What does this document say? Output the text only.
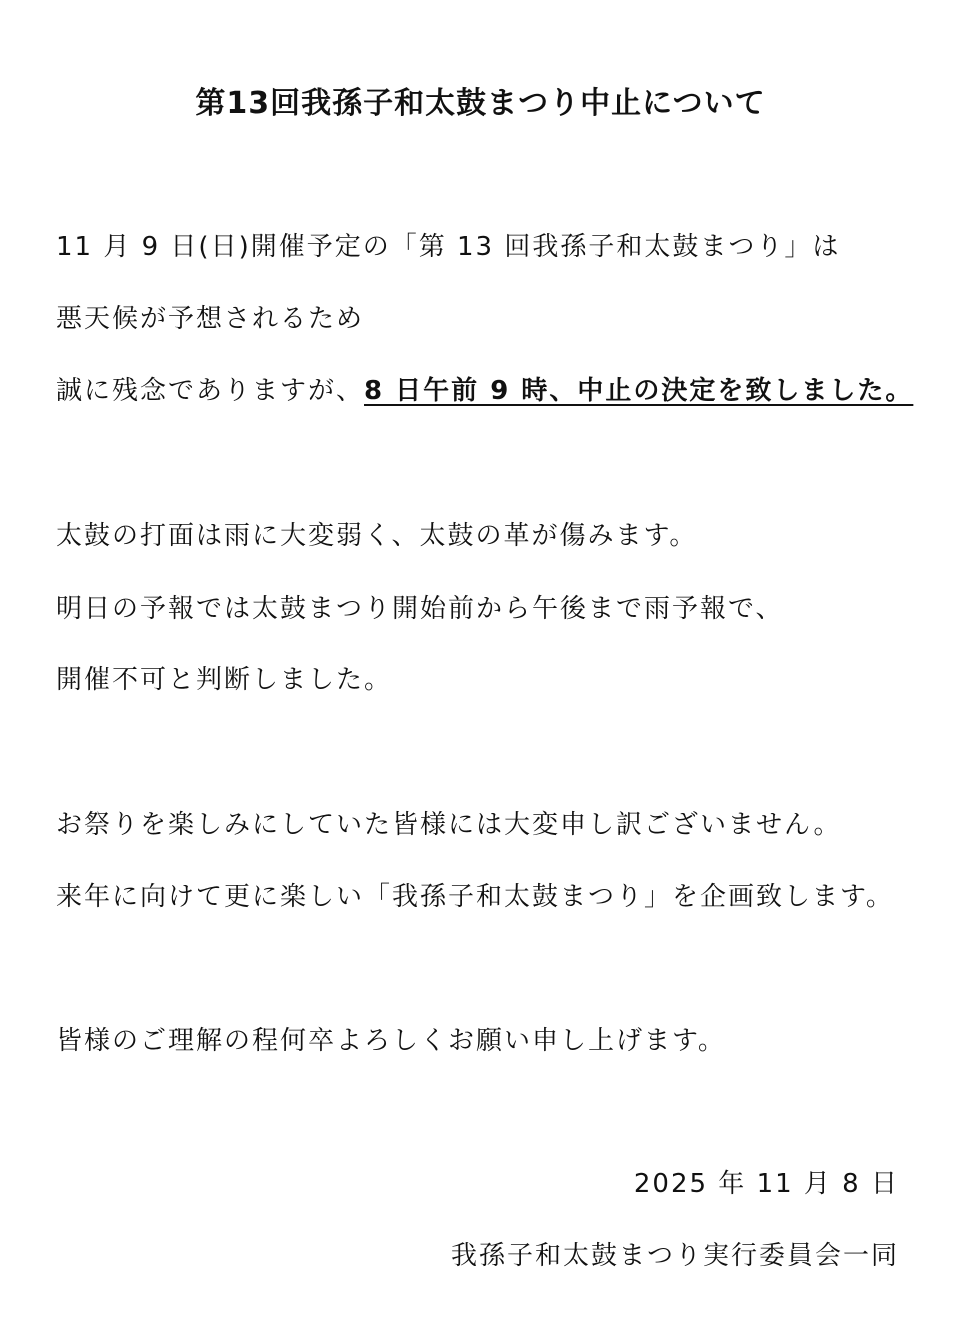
第13回我孫子和太鼓まつり中止について
11 月 9 日(日)開催予定の「第 13 回我孫子和太鼓まつり」は
悪天候が予想されるため
誠に残念でありますが、8 日午前 9 時、中止の決定を致しました。
太鼓の打面は雨に大変弱く、太鼓の革が傷みます。
明日の予報では太鼓まつり開始前から午後まで雨予報で、
開催不可と判断しました。
お祭りを楽しみにしていた皆様には大変申し訳ございません。
来年に向けて更に楽しい「我孫子和太鼓まつり」を企画致します。
皆様のご理解の程何卒よろしくお願い申し上げます。
2025 年 11 月 8 日
我孫子和太鼓まつり実行委員会一同
